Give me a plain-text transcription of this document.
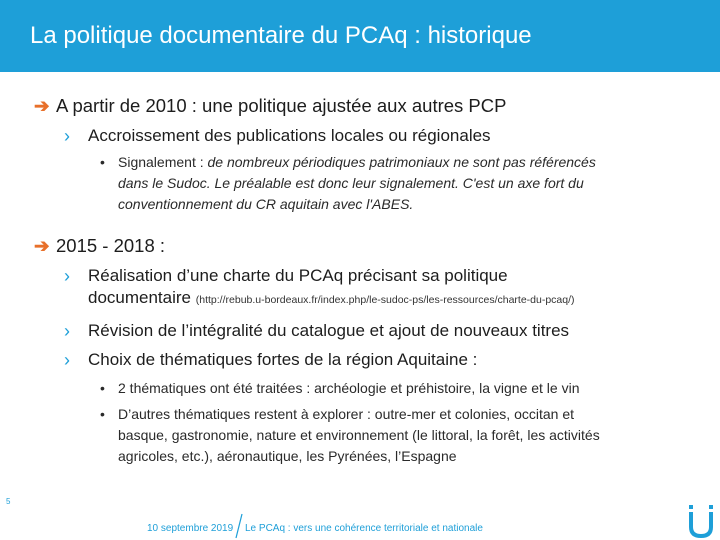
La politique documentaire du PCAq : historique
➔ A partir de 2010 : une politique ajustée aux autres PCP
› Accroissement des publications locales ou régionales
• Signalement : de nombreux périodiques patrimoniaux ne sont pas référencés
dans le Sudoc. Le préalable est donc leur signalement. C'est un axe fort du
conventionnement du CR aquitain avec l'ABES.
➔ 2015 - 2018 :
› Réalisation d’une charte du PCAq précisant sa politique
documentaire (http://rebub.u-bordeaux.fr/index.php/le-sudoc-ps/les-ressources/charte-du-pcaq/)
› Révision de l’intégralité du catalogue et ajout de nouveaux titres
› Choix de thématiques fortes de la région Aquitaine :
• 2 thématiques ont été traitées : archéologie et préhistoire, la vigne et le vin
• D’autres thématiques restent à explorer : outre-mer et colonies, occitan et
basque, gastronomie, nature et environnement (le littoral, la forêt, les activités
agricoles, etc.), aéronautique, les Pyrénées, l’Espagne
5
10 septembre 2019 Le PCAq : vers une cohérence territoriale et nationale
